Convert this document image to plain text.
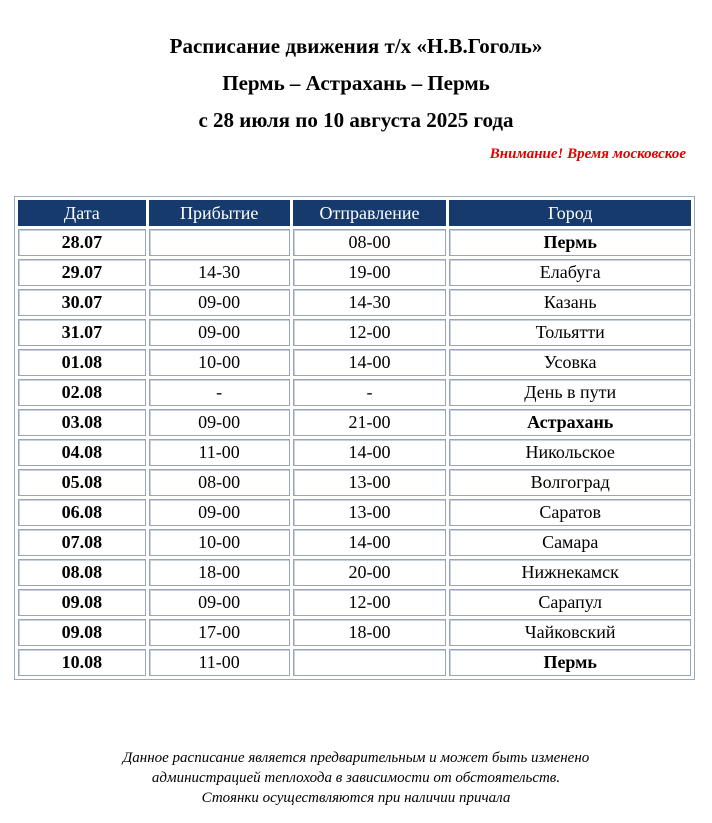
Расписание движения т/х «Н.В.Гоголь»
Пермь – Астрахань – Пермь
с 28 июля по 10 августа 2025 года
Внимание! Время московское
Дата	Прибытие	Отправление	Город
28.07		08-00	Пермь
29.07	14-30	19-00	Елабуга
30.07	09-00	14-30	Казань
31.07	09-00	12-00	Тольятти
01.08	10-00	14-00	Усовка
02.08	-	-	День в пути
03.08	09-00	21-00	Астрахань
04.08	11-00	14-00	Никольское
05.08	08-00	13-00	Волгоград
06.08	09-00	13-00	Саратов
07.08	10-00	14-00	Самара
08.08	18-00	20-00	Нижнекамск
09.08	09-00	12-00	Сарапул
09.08	17-00	18-00	Чайковский
10.08	11-00		Пермь
Данное расписание является предварительным и может быть изменено
администрацией теплохода в зависимости от обстоятельств.
Стоянки осуществляются при наличии причала
